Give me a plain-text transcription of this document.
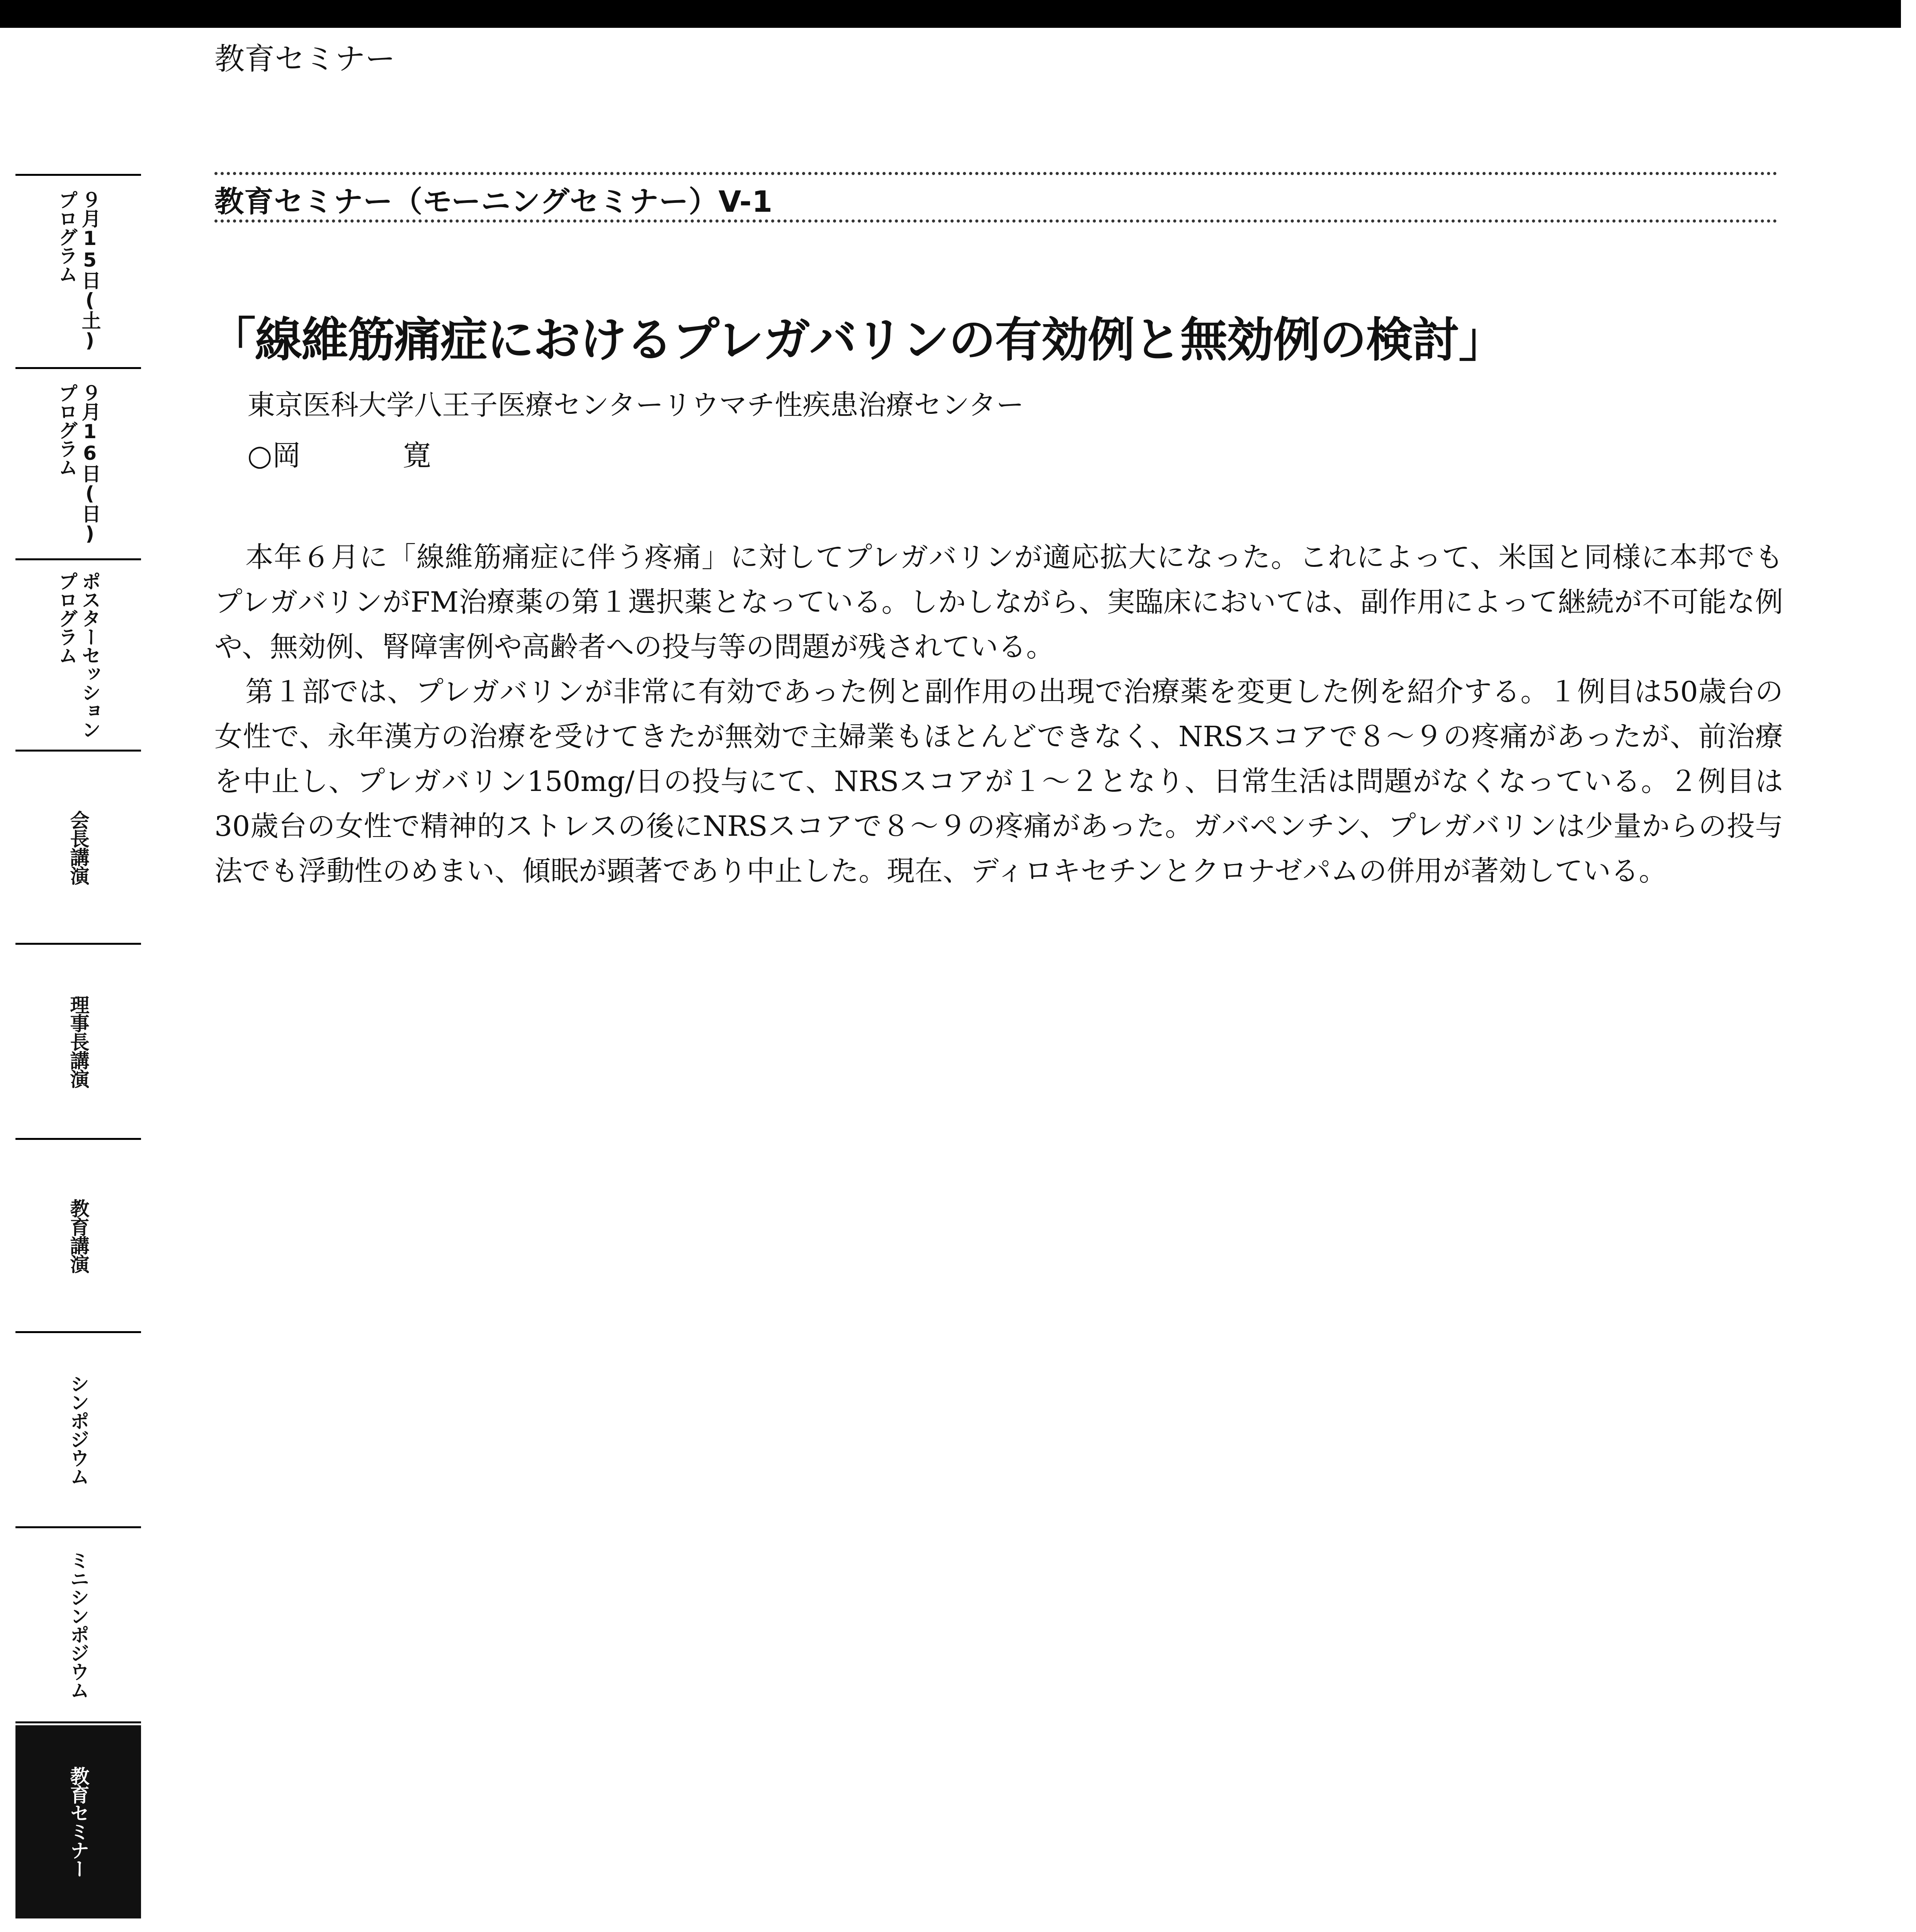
教育セミナー
９月15日(土)
プログラム
９月16日(日)
プログラム
ポスターセッション
プログラム
会長講演
理事長講演
教育講演
シンポジウム
ミニシンポジウム
教育セミナー
教育セミナー（モーニングセミナー）V-1
「線維筋痛症におけるプレガバリンの有効例と無効例の検討」
東京医科大学八王子医療センターリウマチ性疾患治療センター
○岡 寛

本年６月に「線維筋痛症に伴う疼痛」に対してプレガバリンが適応拡大になった。これによって、米国と同様に本邦でもプレガバリンがFM治療薬の第１選択薬となっている。しかしながら、実臨床においては、副作用によって継続が不可能な例や、無効例、腎障害例や高齢者への投与等の問題が残されている。

第１部では、プレガバリンが非常に有効であった例と副作用の出現で治療薬を変更した例を紹介する。１例目は50歳台の女性で、永年漢方の治療を受けてきたが無効で主婦業もほとんどできなく、NRSスコアで８～９の疼痛があったが、前治療を中止し、プレガバリン150mg/日の投与にて、NRSスコアが１～２となり、日常生活は問題がなくなっている。２例目は30歳台の女性で精神的ストレスの後にNRSスコアで８～９の疼痛があった。ガバペンチン、プレガバリンは少量からの投与法でも浮動性のめまい、傾眠が顕著であり中止した。現在、ディロキセチンとクロナゼパムの併用が著効している。
